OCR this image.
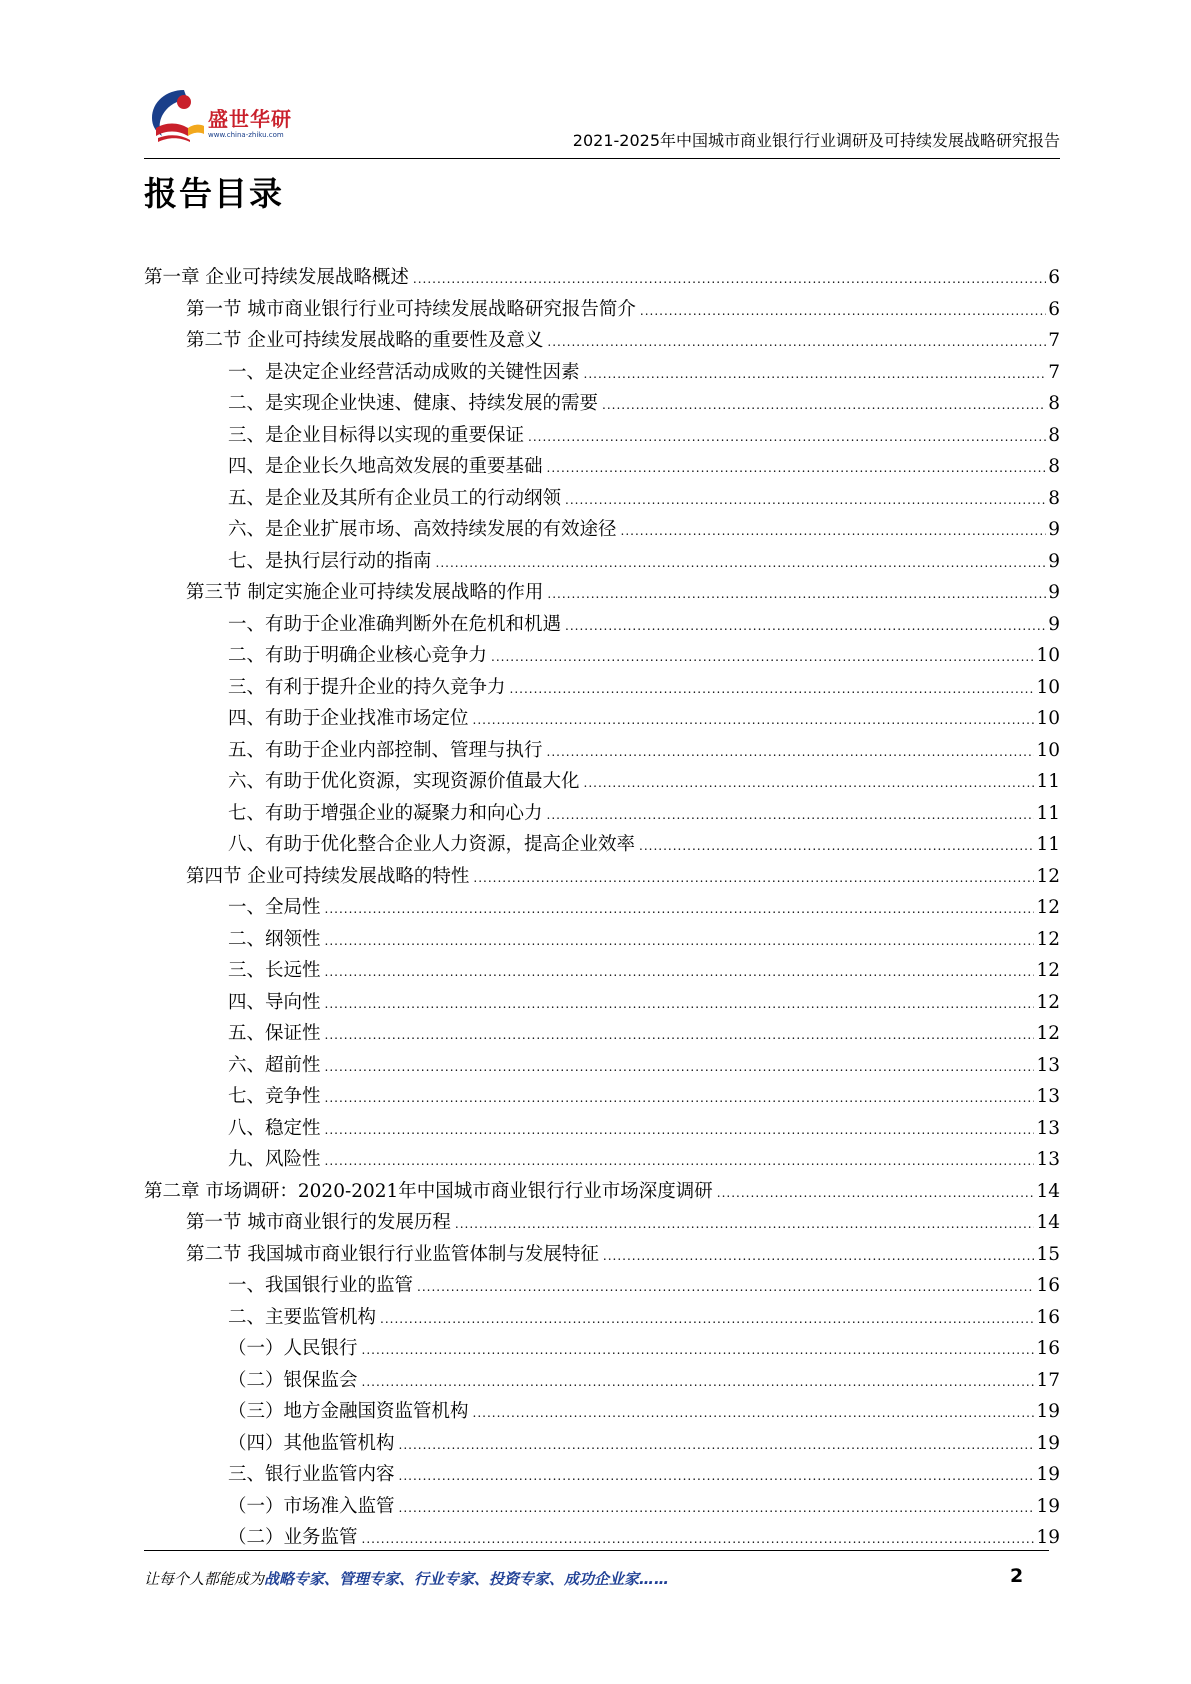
盛世华研
www.china-zhiku.com	2021-2025年中国城市商业银行行业调研及可持续发展战略研究报告
报告目录
第一章 企业可持续发展战略概述 .....	6
第一节 城市商业银行行业可持续发展战略研究报告简介 .....	6
第二节 企业可持续发展战略的重要性及意义 .....	7
一、是决定企业经营活动成败的关键性因素 .....	7
二、是实现企业快速、健康、持续发展的需要 .....	8
三、是企业目标得以实现的重要保证 .....	8
四、是企业长久地高效发展的重要基础 .....	8
五、是企业及其所有企业员工的行动纲领 .....	8
六、是企业扩展市场、高效持续发展的有效途径 .....	9
七、是执行层行动的指南 .....	9
第三节 制定实施企业可持续发展战略的作用 .....	9
一、有助于企业准确判断外在危机和机遇 .....	9
二、有助于明确企业核心竞争力 .....	10
三、有利于提升企业的持久竞争力 .....	10
四、有助于企业找准市场定位 .....	10
五、有助于企业内部控制、管理与执行 .....	10
六、有助于优化资源，实现资源价值最大化 .....	11
七、有助于增强企业的凝聚力和向心力 .....	11
八、有助于优化整合企业人力资源，提高企业效率 .....	11
第四节 企业可持续发展战略的特性 .....	12
一、全局性 .....	12
二、纲领性 .....	12
三、长远性 .....	12
四、导向性 .....	12
五、保证性 .....	12
六、超前性 .....	13
七、竞争性 .....	13
八、稳定性 .....	13
九、风险性 .....	13
第二章 市场调研：2020-2021年中国城市商业银行行业市场深度调研 .....	14
第一节 城市商业银行的发展历程 .....	14
第二节 我国城市商业银行行业监管体制与发展特征 .....	15
一、我国银行业的监管 .....	16
二、主要监管机构 .....	16
（一）人民银行 .....	16
（二）银保监会 .....	17
（三）地方金融国资监管机构 .....	19
（四）其他监管机构 .....	19
三、银行业监管内容 .....	19
（一）市场准入监管 .....	19
（二）业务监管 .....	19
让每个人都能成为战略专家、管理专家、行业专家、投资专家、成功企业家……	2
